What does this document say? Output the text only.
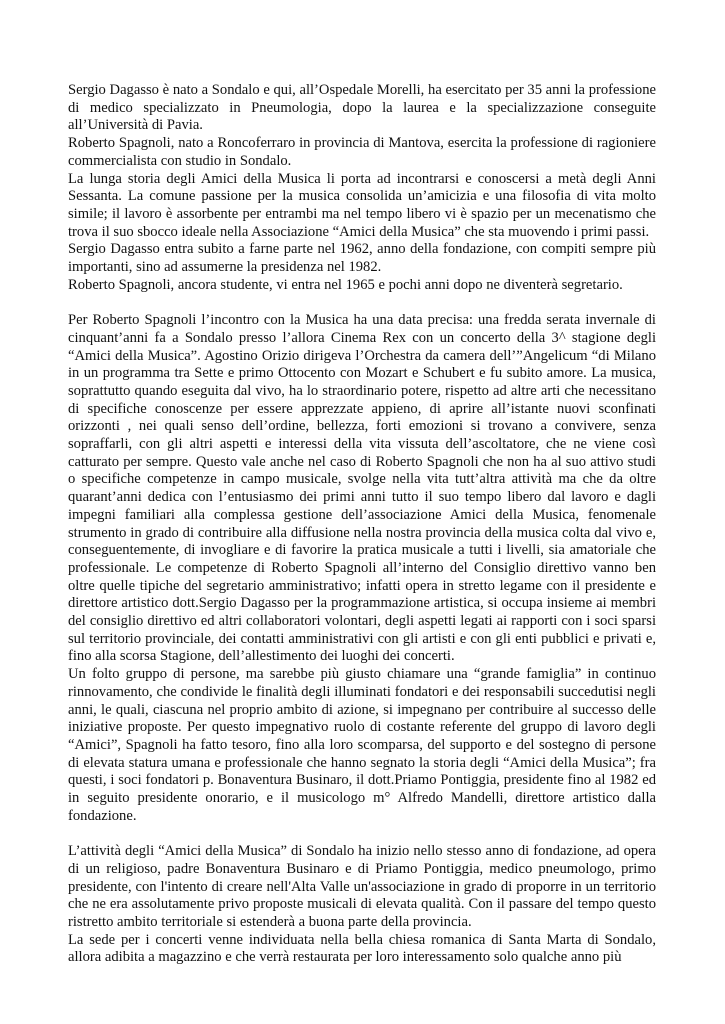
Sergio Dagasso è nato a Sondalo e qui, all’Ospedale Morelli, ha esercitato per 35 anni la professione di medico specializzato in Pneumologia, dopo la laurea e la specializzazione conseguite all’Università di Pavia.

Roberto Spagnoli, nato a Roncoferraro in provincia di Mantova, esercita la professione di ragioniere commercialista con studio in Sondalo.

La lunga storia degli Amici della Musica li porta ad incontrarsi e conoscersi a metà degli Anni Sessanta. La comune passione per la musica consolida un’amicizia e una filosofia di vita molto simile; il lavoro è assorbente per entrambi ma nel tempo libero vi è spazio per un mecenatismo che trova il suo sbocco ideale nella Associazione “Amici della Musica” che sta muovendo i primi passi.

Sergio Dagasso entra subito a farne parte nel 1962, anno della fondazione, con compiti sempre più importanti, sino ad assumerne la presidenza nel 1982.

Roberto Spagnoli, ancora studente, vi entra nel 1965 e pochi anni dopo ne diventerà segretario.

Per Roberto Spagnoli l’incontro con la Musica ha una data precisa: una fredda serata invernale di cinquant’anni fa a Sondalo presso l’allora Cinema Rex con un concerto della 3^ stagione degli “Amici della Musica”. Agostino Orizio dirigeva l’Orchestra da camera dell’”Angelicum “di Milano in un programma tra Sette e primo Ottocento con Mozart e Schubert e fu subito amore. La musica, soprattutto quando eseguita dal vivo, ha lo straordinario potere, rispetto ad altre arti che necessitano di specifiche conoscenze per essere apprezzate appieno, di aprire all’istante nuovi sconfinati orizzonti , nei quali senso dell’ordine, bellezza, forti emozioni si trovano a convivere, senza sopraffarli, con gli altri aspetti e interessi della vita vissuta dell’ascoltatore, che ne viene così catturato per sempre. Questo vale anche nel caso di Roberto Spagnoli che non ha al suo attivo studi o specifiche competenze in campo musicale, svolge nella vita tutt’altra attività ma che da oltre quarant’anni dedica con l’entusiasmo dei primi anni tutto il suo tempo libero dal lavoro e dagli impegni familiari alla complessa gestione dell’associazione Amici della Musica, fenomenale strumento in grado di contribuire alla diffusione nella nostra provincia della musica colta dal vivo e, conseguentemente, di invogliare e di favorire la pratica musicale a tutti i livelli, sia amatoriale che professionale. Le competenze di Roberto Spagnoli all’interno del Consiglio direttivo vanno ben oltre quelle tipiche del segretario amministrativo; infatti opera in stretto legame con il presidente e direttore artistico dott.Sergio Dagasso per la programmazione artistica, si occupa insieme ai membri del consiglio direttivo ed altri collaboratori volontari, degli aspetti legati ai rapporti con i soci sparsi sul territorio provinciale, dei contatti amministrativi con gli artisti e con gli enti pubblici e privati e, fino alla scorsa Stagione, dell’allestimento dei luoghi dei concerti.

Un folto gruppo di persone, ma sarebbe più giusto chiamare una “grande famiglia” in continuo rinnovamento, che condivide le finalità degli illuminati fondatori e dei responsabili succedutisi negli anni, le quali, ciascuna nel proprio ambito di azione, si impegnano per contribuire al successo delle iniziative proposte. Per questo impegnativo ruolo di costante referente del gruppo di lavoro degli “Amici”, Spagnoli ha fatto tesoro, fino alla loro scomparsa, del supporto e del sostegno di persone di elevata statura umana e professionale che hanno segnato la storia degli “Amici della Musica”; fra questi, i soci fondatori p. Bonaventura Businaro, il dott.Priamo Pontiggia, presidente fino al 1982 ed in seguito presidente onorario, e il musicologo m° Alfredo Mandelli, direttore artistico dalla fondazione.

L’attività degli “Amici della Musica” di Sondalo ha inizio nello stesso anno di fondazione, ad opera di un religioso, padre Bonaventura Businaro e di Priamo Pontiggia, medico pneumologo, primo presidente, con l'intento di creare nell'Alta Valle un'associazione in grado di proporre in un territorio che ne era assolutamente privo proposte musicali di elevata qualità. Con il passare del tempo questo ristretto ambito territoriale si estenderà a buona parte della provincia.

La sede per i concerti venne individuata nella bella chiesa romanica di Santa Marta di Sondalo, allora adibita a magazzino e che verrà restaurata per loro interessamento solo qualche anno più
